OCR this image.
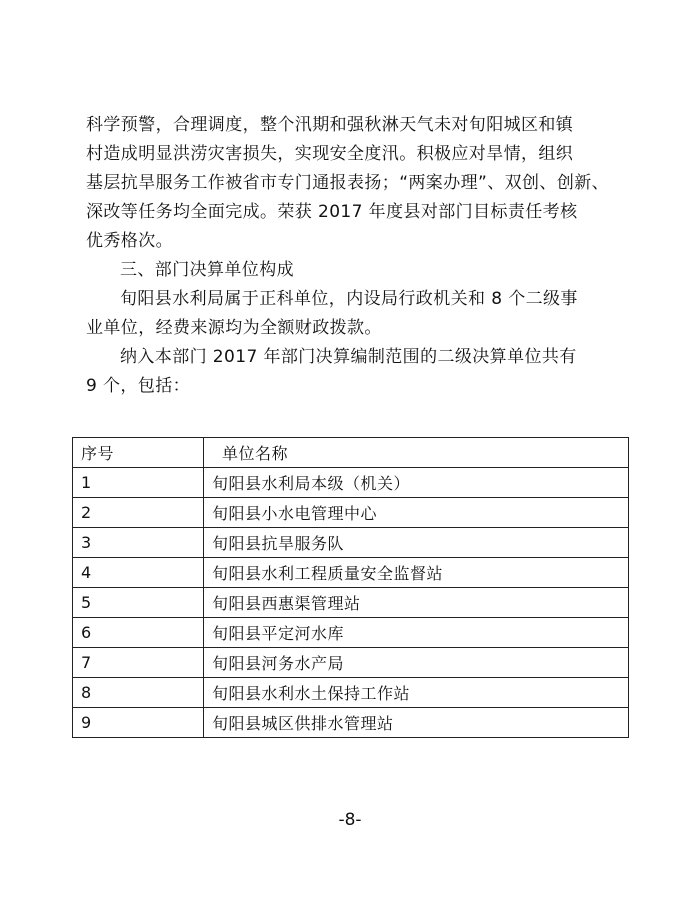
科学预警，合理调度，整个汛期和强秋淋天气未对旬阳城区和镇
村造成明显洪涝灾害损失，实现安全度汛。积极应对旱情，组织
基层抗旱服务工作被省市专门通报表扬；“两案办理”、双创、创新、
深改等任务均全面完成。荣获 2017 年度县对部门目标责任考核
优秀格次。

三、部门决算单位构成

旬阳县水利局属于正科单位，内设局行政机关和 8 个二级事
业单位，经费来源均为全额财政拨款。

纳入本部门 2017 年部门决算编制范围的二级决算单位共有
9 个，包括：

序号	单位名称
1	旬阳县水利局本级（机关）
2	旬阳县小水电管理中心
3	旬阳县抗旱服务队
4	旬阳县水利工程质量安全监督站
5	旬阳县西惠渠管理站
6	旬阳县平定河水库
7	旬阳县河务水产局
8	旬阳县水利水土保持工作站
9	旬阳县城区供排水管理站
-8-
